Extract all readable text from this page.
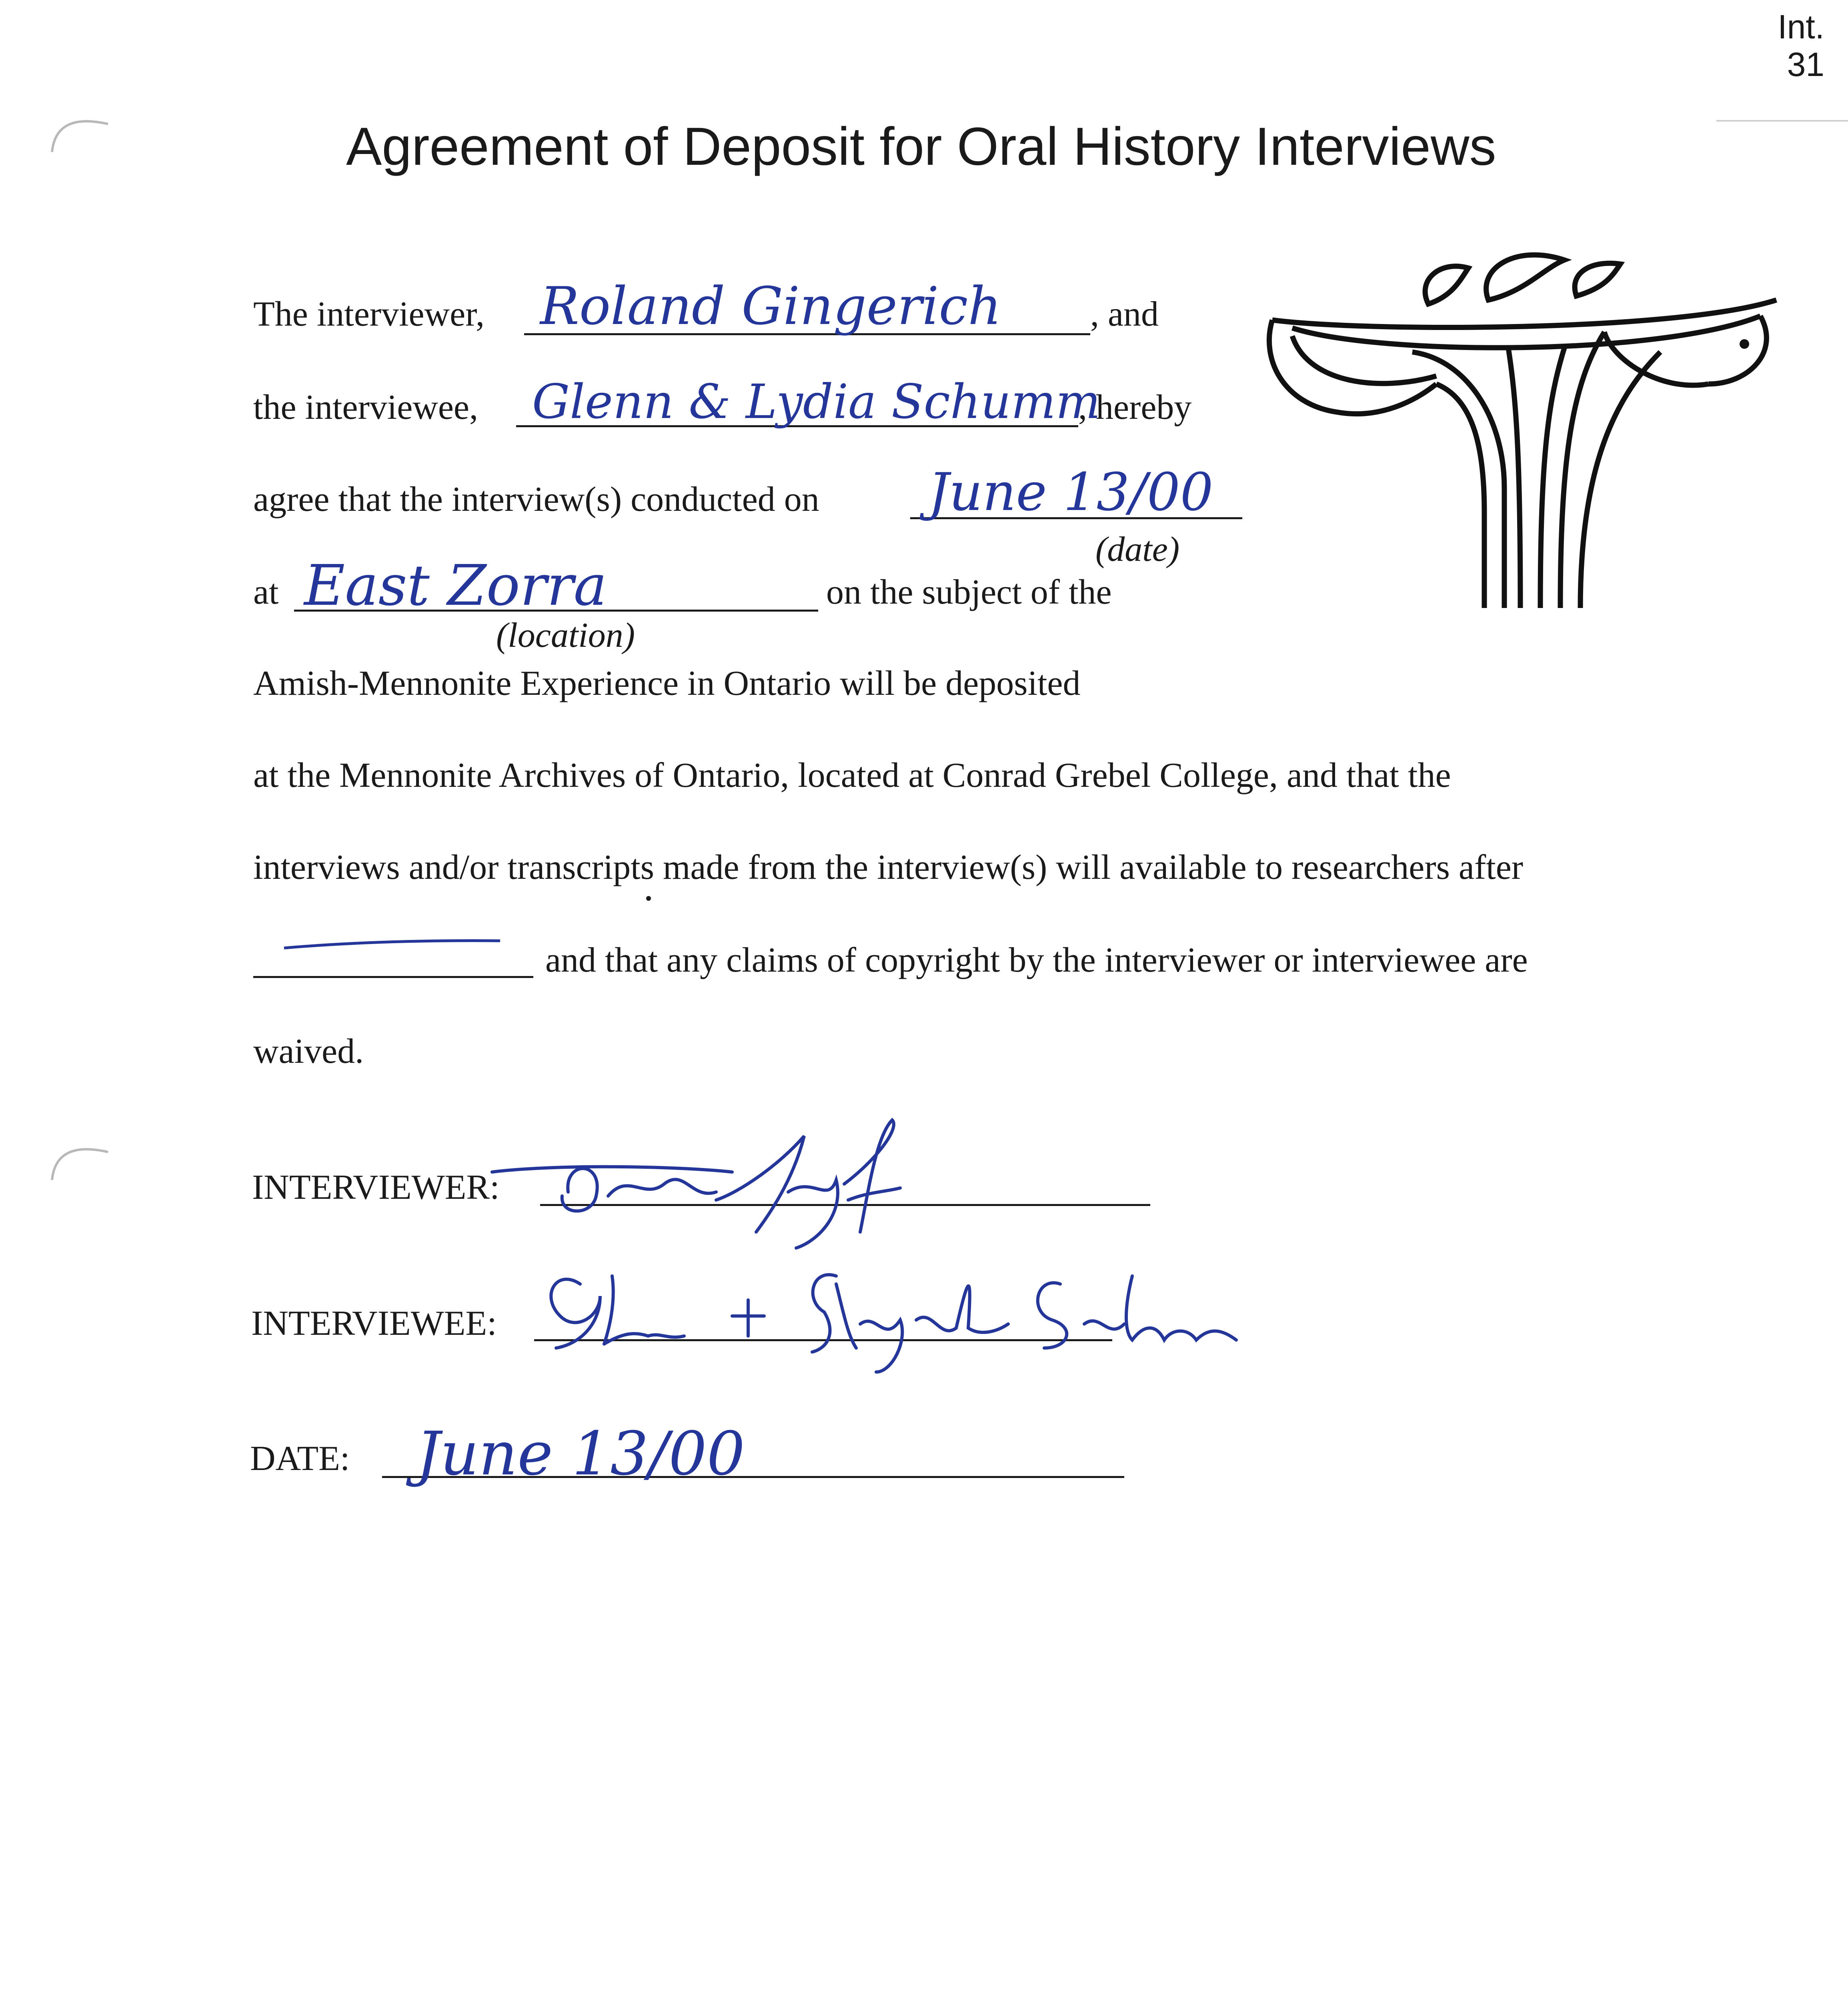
Int.
31
Agreement of Deposit for Oral History Interviews
The interviewer, Roland Gingerich	, and
the interviewee, Glenn & Lydia Schumm
, hereby
agree that the interview(s) conducted on June 13/00
(date)
at East Zorra	on the subject of the
(location)
Amish-Mennonite Experience in Ontario will be deposited
at the Mennonite Archives of Ontario, located at Conrad Grebel College, and that the
interviews and/or transcripts made from the interview(s) will available to researchers after
and that any claims of copyright by the interviewer or interviewee are
waived.
INTERVIEWER:
INTERVIEWEE:
DATE: June 13/00
